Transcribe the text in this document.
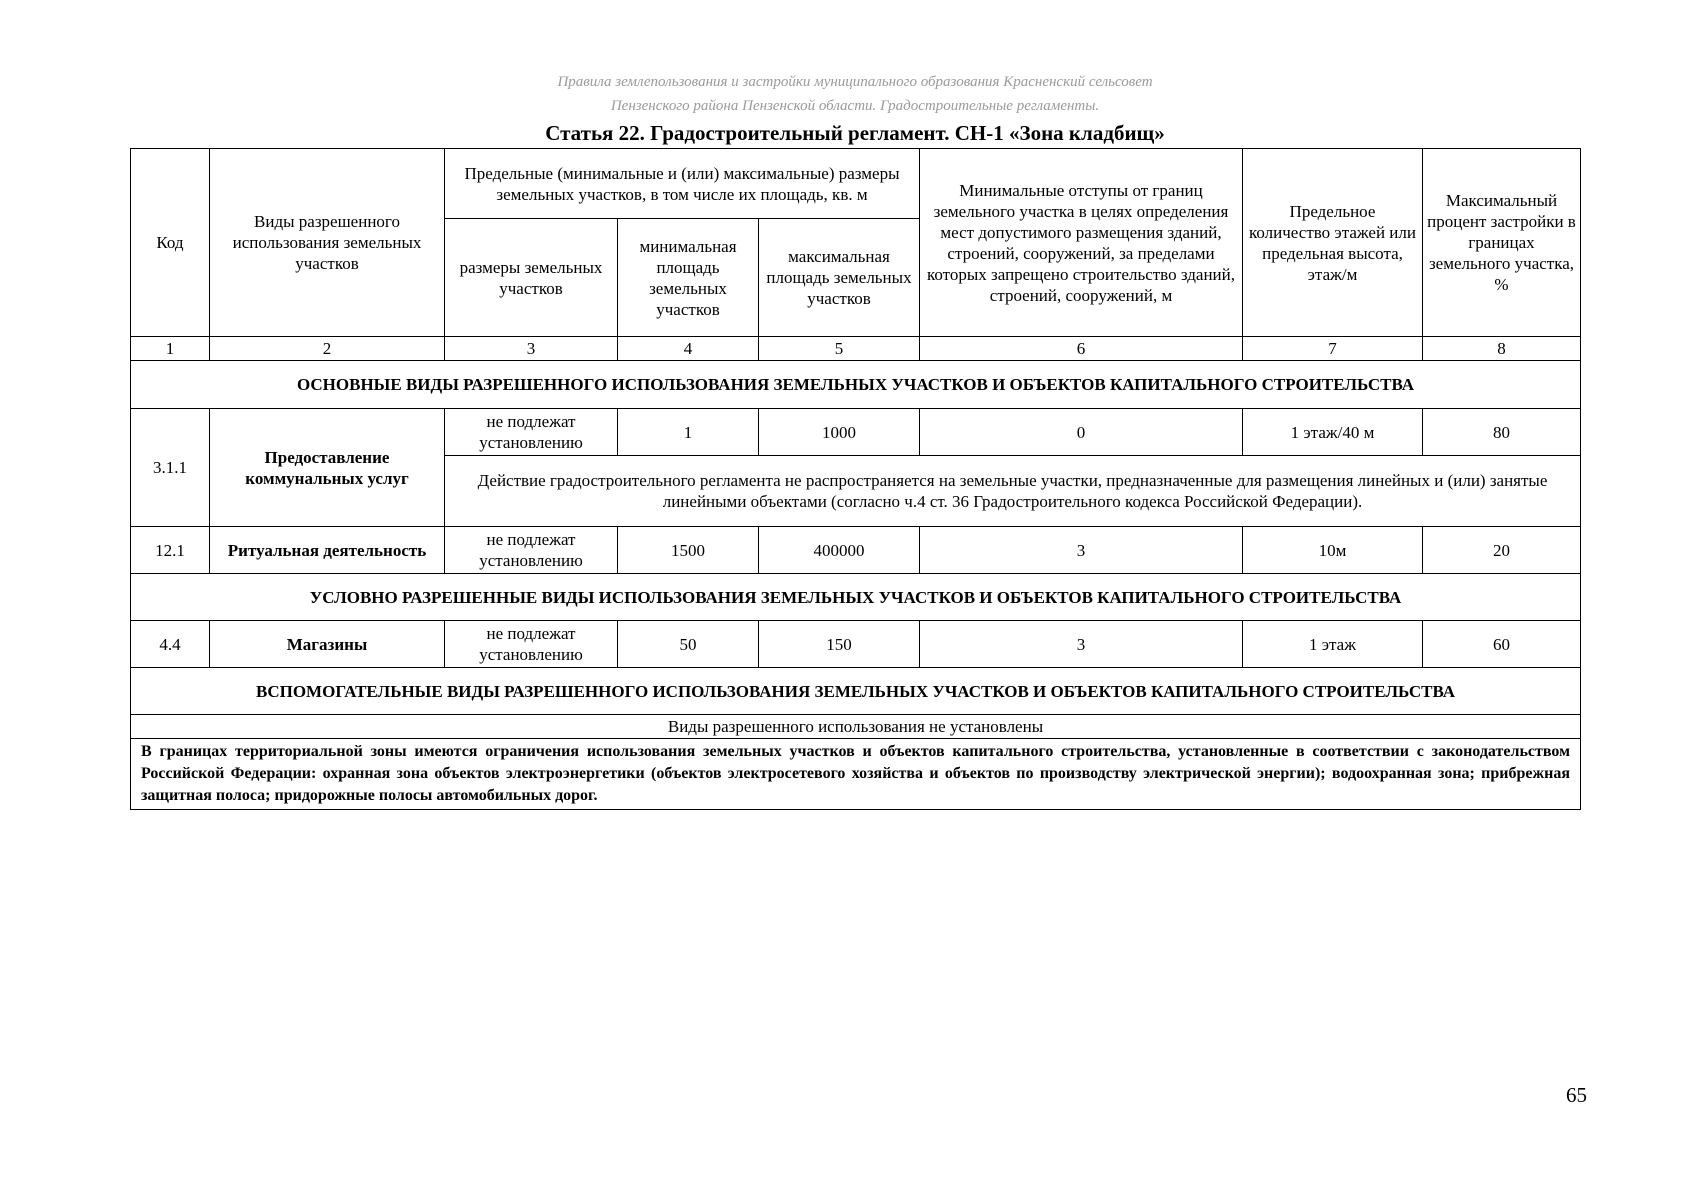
Правила землепользования и застройки муниципального образования Красненский сельсовет
Пензенского района Пензенской области. Градостроительные регламенты.
Статья 22. Градостроительный регламент. СН-1 «Зона кладбищ»
Код	Виды разрешенного использования земельных участков	Предельные (минимальные и (или) максимальные) размеры земельных участков, в том числе их площадь, кв. м			Минимальные отступы от границ земельного участка в целях определения мест допустимого размещения зданий, строений, сооружений, за пределами которых запрещено строительство зданий, строений, сооружений, м	Предельное количество этажей или предельная высота, этаж/м	Максимальный процент застройки в границах земельного участка, %
		размеры земельных участков	минимальная площадь земельных участков	максимальная площадь земельных участков			
1	2	3	4	5	6	7	8
ОСНОВНЫЕ ВИДЫ РАЗРЕШЕННОГО ИСПОЛЬЗОВАНИЯ ЗЕМЕЛЬНЫХ УЧАСТКОВ И ОБЪЕКТОВ КАПИТАЛЬНОГО СТРОИТЕЛЬСТВА							
3.1.1	Предоставление коммунальных услуг	не подлежат установлению	1	1000	0	1 этаж/40 м	80
		Действие градостроительного регламента не распространяется на земельные участки, предназначенные для размещения линейных и (или) занятые линейными объектами (согласно ч.4 ст. 36 Градостроительного кодекса Российской Федерации).					
12.1	Ритуальная деятельность	не подлежат установлению	1500	400000	3	10м	20
УСЛОВНО РАЗРЕШЕННЫЕ ВИДЫ ИСПОЛЬЗОВАНИЯ ЗЕМЕЛЬНЫХ УЧАСТКОВ И ОБЪЕКТОВ КАПИТАЛЬНОГО СТРОИТЕЛЬСТВА							
4.4	Магазины	не подлежат установлению	50	150	3	1 этаж	60
ВСПОМОГАТЕЛЬНЫЕ ВИДЫ РАЗРЕШЕННОГО ИСПОЛЬЗОВАНИЯ ЗЕМЕЛЬНЫХ УЧАСТКОВ И ОБЪЕКТОВ КАПИТАЛЬНОГО СТРОИТЕЛЬСТВА							
Виды разрешенного использования не установлены							
В границах территориальной зоны имеются ограничения использования земельных участков и объектов капитального строительства, установленные в соответствии с законодательством Российской Федерации: охранная зона объектов электроэнергетики (объектов электросетевого хозяйства и объектов по производству электрической энергии); водоохранная зона; прибрежная защитная полоса; придорожные полосы автомобильных дорог.							
65
